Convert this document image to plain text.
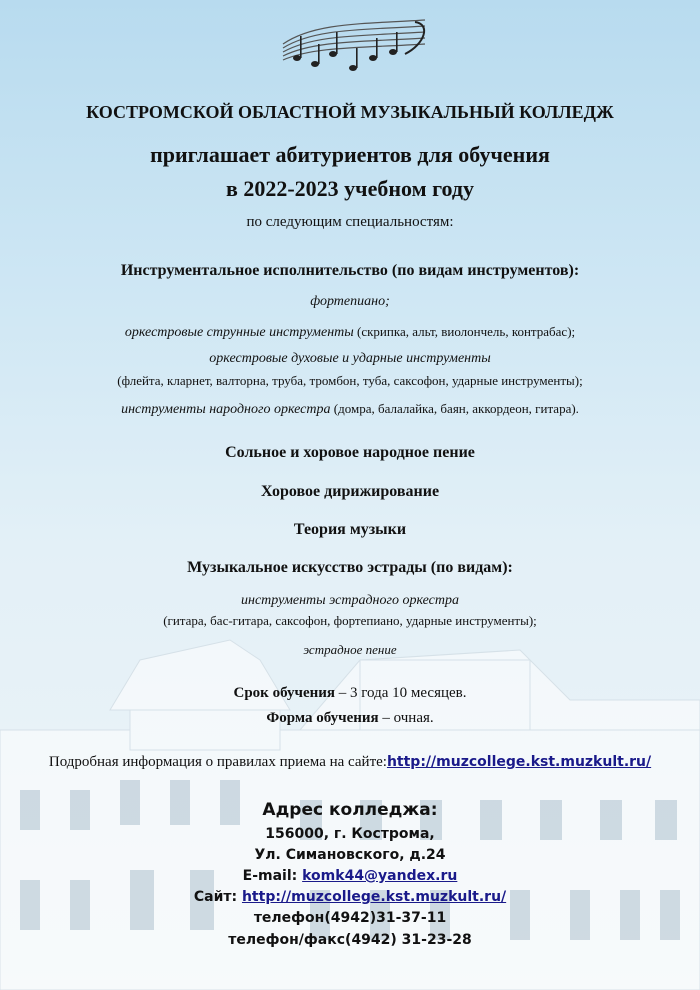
КОСТРОМСКОЙ ОБЛАСТНОЙ МУЗЫКАЛЬНЫЙ КОЛЛЕДЖ
приглашает абитуриентов для обучения
в 2022-2023 учебном году
по следующим специальностям:
Инструментальное исполнительство (по видам инструментов):
фортепиано;
оркестровые струнные инструменты (скрипка, альт, виолончель, контрабас);
оркестровые духовые и ударные инструменты
(флейта, кларнет, валторна, труба, тромбон, туба, саксофон, ударные инструменты);
инструменты народного оркестра (домра, балалайка, баян, аккордеон, гитара).
Сольное и хоровое народное пение
Хоровое дирижирование
Теория музыки
Музыкальное искусство эстрады (по видам):
инструменты эстрадного оркестра
(гитара, бас-гитара, саксофон, фортепиано, ударные инструменты);
эстрадное пение
Срок обучения – 3 года 10 месяцев.
Форма обучения – очная.
Подробная информация о правилах приема на сайте:http://muzcollege.kst.muzkult.ru/
Адрес колледжа:
156000, г. Кострома,
Ул. Симановского, д.24
E-mail: komk44@yandex.ru
Сайт: http://muzcollege.kst.muzkult.ru/
телефон(4942)31-37-11
телефон/факс(4942) 31-23-28
